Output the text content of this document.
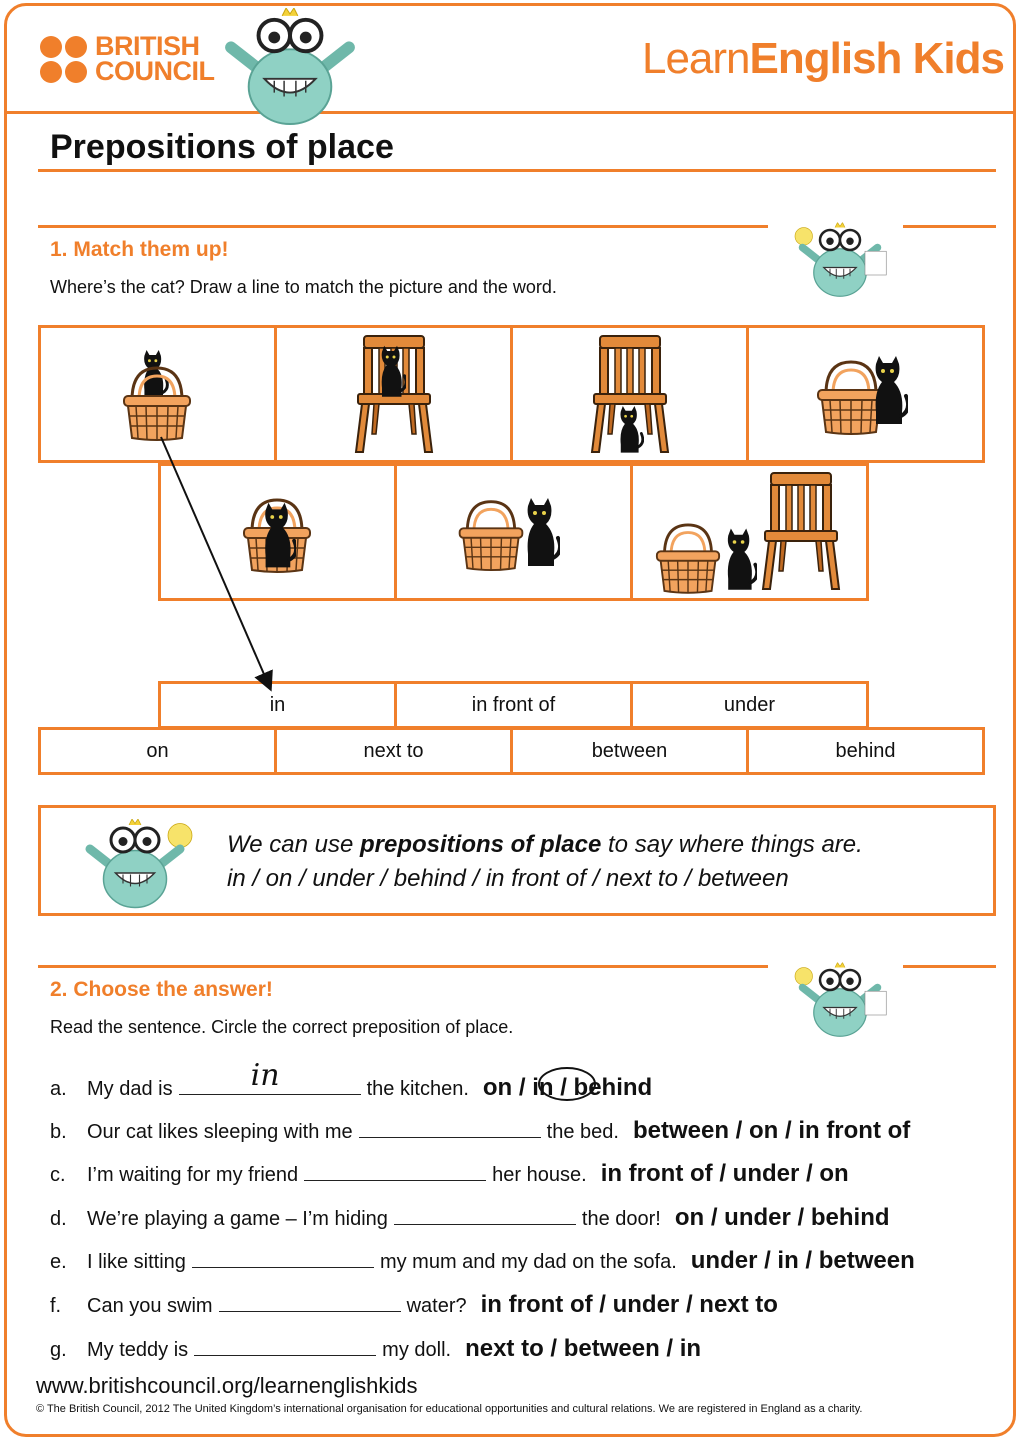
BRITISH
COUNCIL	LearnEnglish Kids
Prepositions of place
1. Match them up!
Where’s the cat? Draw a line to match the picture and the word.
in	in front of	under
on	next to	between	behind
We can use prepositions of place to say where things are.
in / on / under / behind / in front of / next to / between
2. Choose the answer!
Read the sentence. Circle the correct preposition of place.
a.	My dad is	in	the kitchen. on / in / behind
b.	Our cat likes sleeping with me	the bed. between / on / in front of
c.	I’m waiting for my friend	her house. in front of / under / on
d.	We’re playing a game – I’m hiding	the door! on / under / behind
e.	I like sitting	my mum and my dad on the sofa. under / in / between
f.	Can you swim	water? in front of / under / next to
g.	My teddy is	my doll. next to / between / in
www.britishcouncil.org/learnenglishkids
© The British Council, 2012 The United Kingdom’s international organisation for educational opportunities and cultural relations. We are registered in England as a charity.
